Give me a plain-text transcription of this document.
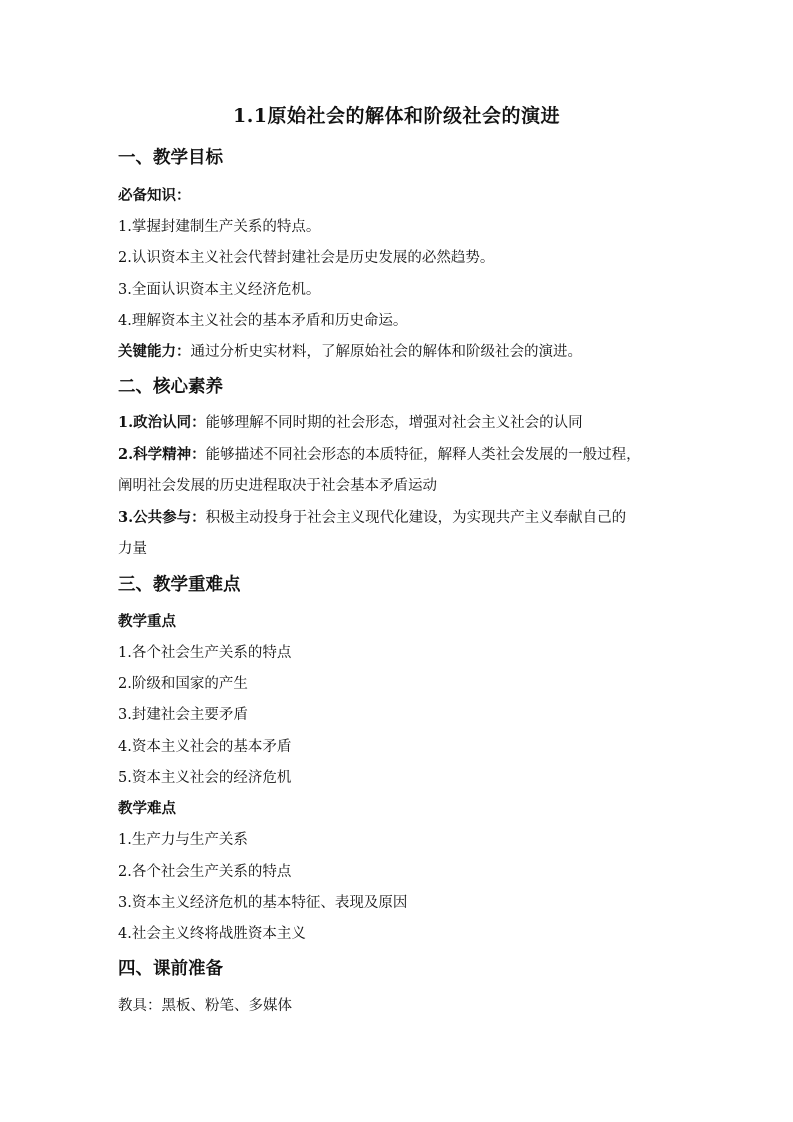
1.1原始社会的解体和阶级社会的演进
一、教学目标
必备知识：
1.掌握封建制生产关系的特点。
2.认识资本主义社会代替封建社会是历史发展的必然趋势。
3.全面认识资本主义经济危机。
4.理解资本主义社会的基本矛盾和历史命运。
关键能力：通过分析史实材料，了解原始社会的解体和阶级社会的演进。
二、核心素养
1.政治认同：能够理解不同时期的社会形态，增强对社会主义社会的认同
2.科学精神：能够描述不同社会形态的本质特征，解释人类社会发展的一般过程，
阐明社会发展的历史进程取决于社会基本矛盾运动
3.公共参与：积极主动投身于社会主义现代化建设，为实现共产主义奉献自己的
力量
三、教学重难点
教学重点
1.各个社会生产关系的特点
2.阶级和国家的产生
3.封建社会主要矛盾
4.资本主义社会的基本矛盾
5.资本主义社会的经济危机
教学难点
1.生产力与生产关系
2.各个社会生产关系的特点
3.资本主义经济危机的基本特征、表现及原因
4.社会主义终将战胜资本主义
四、课前准备
教具：黑板、粉笔、多媒体
